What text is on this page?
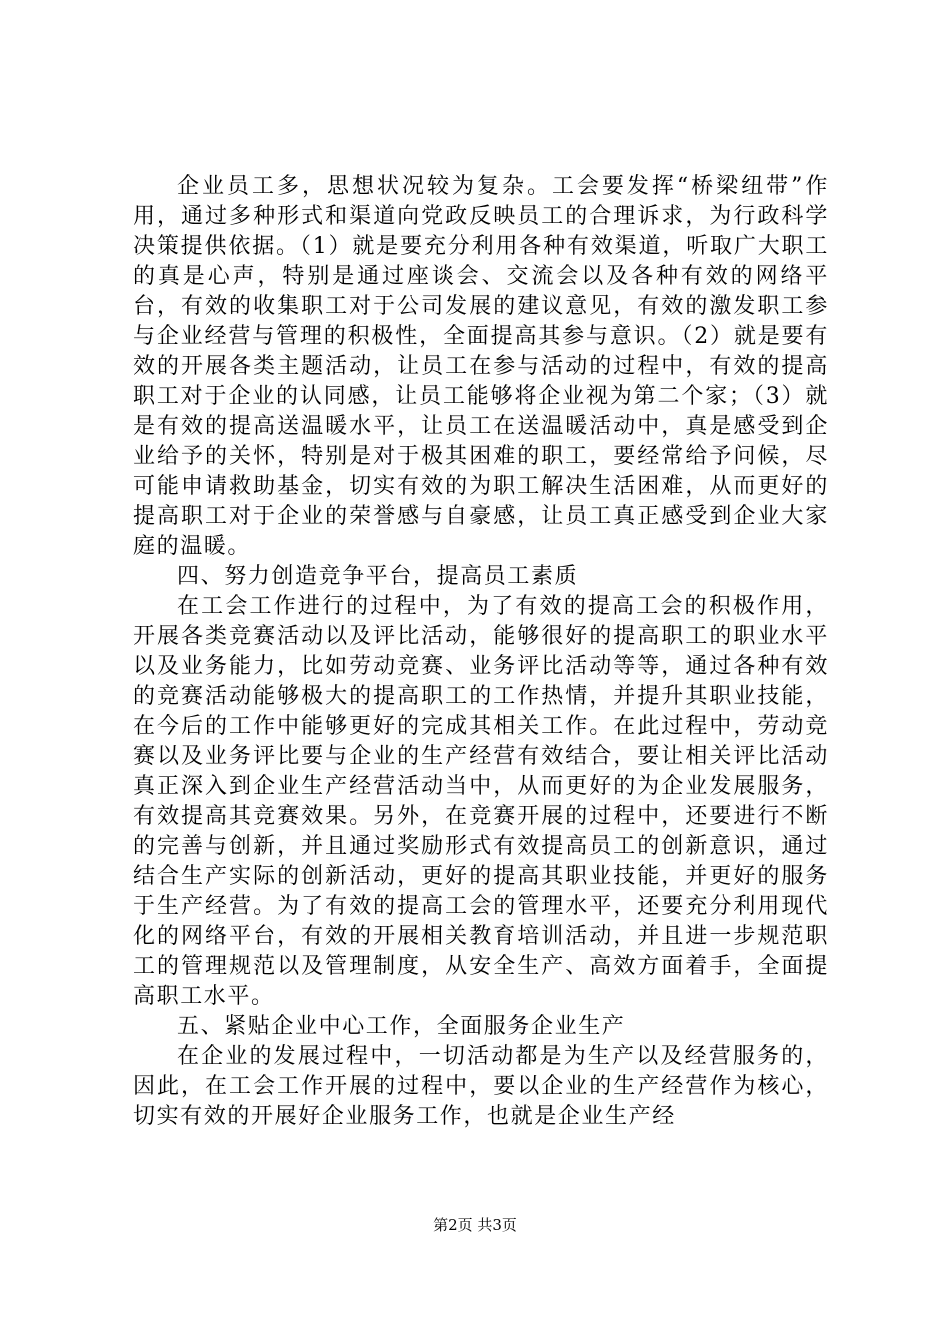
企业员工多，思想状况较为复杂。工会要发挥“桥梁纽带”作用，通过多种形式和渠道向党政反映员工的合理诉求，为行政科学决策提供依据。（1）就是要充分利用各种有效渠道，听取广大职工的真是心声，特别是通过座谈会、交流会以及各种有效的网络平台，有效的收集职工对于公司发展的建议意见，有效的激发职工参与企业经营与管理的积极性，全面提高其参与意识。（2）就是要有效的开展各类主题活动，让员工在参与活动的过程中，有效的提高职工对于企业的认同感，让员工能够将企业视为第二个家；（3）就是有效的提高送温暖水平，让员工在送温暖活动中，真是感受到企业给予的关怀，特别是对于极其困难的职工，要经常给予问候，尽可能申请救助基金，切实有效的为职工解决生活困难，从而更好的提高职工对于企业的荣誉感与自豪感，让员工真正感受到企业大家庭的温暖。

四、努力创造竞争平台，提高员工素质

在工会工作进行的过程中，为了有效的提高工会的积极作用，开展各类竞赛活动以及评比活动，能够很好的提高职工的职业水平以及业务能力，比如劳动竞赛、业务评比活动等等，通过各种有效的竞赛活动能够极大的提高职工的工作热情，并提升其职业技能，在今后的工作中能够更好的完成其相关工作。在此过程中，劳动竞赛以及业务评比要与企业的生产经营有效结合，要让相关评比活动真正深入到企业生产经营活动当中，从而更好的为企业发展服务，有效提高其竞赛效果。另外，在竞赛开展的过程中，还要进行不断的完善与创新，并且通过奖励形式有效提高员工的创新意识，通过结合生产实际的创新活动，更好的提高其职业技能，并更好的服务于生产经营。为了有效的提高工会的管理水平，还要充分利用现代化的网络平台，有效的开展相关教育培训活动，并且进一步规范职工的管理规范以及管理制度，从安全生产、高效方面着手，全面提高职工水平。

五、紧贴企业中心工作，全面服务企业生产

在企业的发展过程中，一切活动都是为生产以及经营服务的，因此，在工会工作开展的过程中，要以企业的生产经营作为核心，切实有效的开展好企业服务工作，也就是企业生产经

第2页 共3页
